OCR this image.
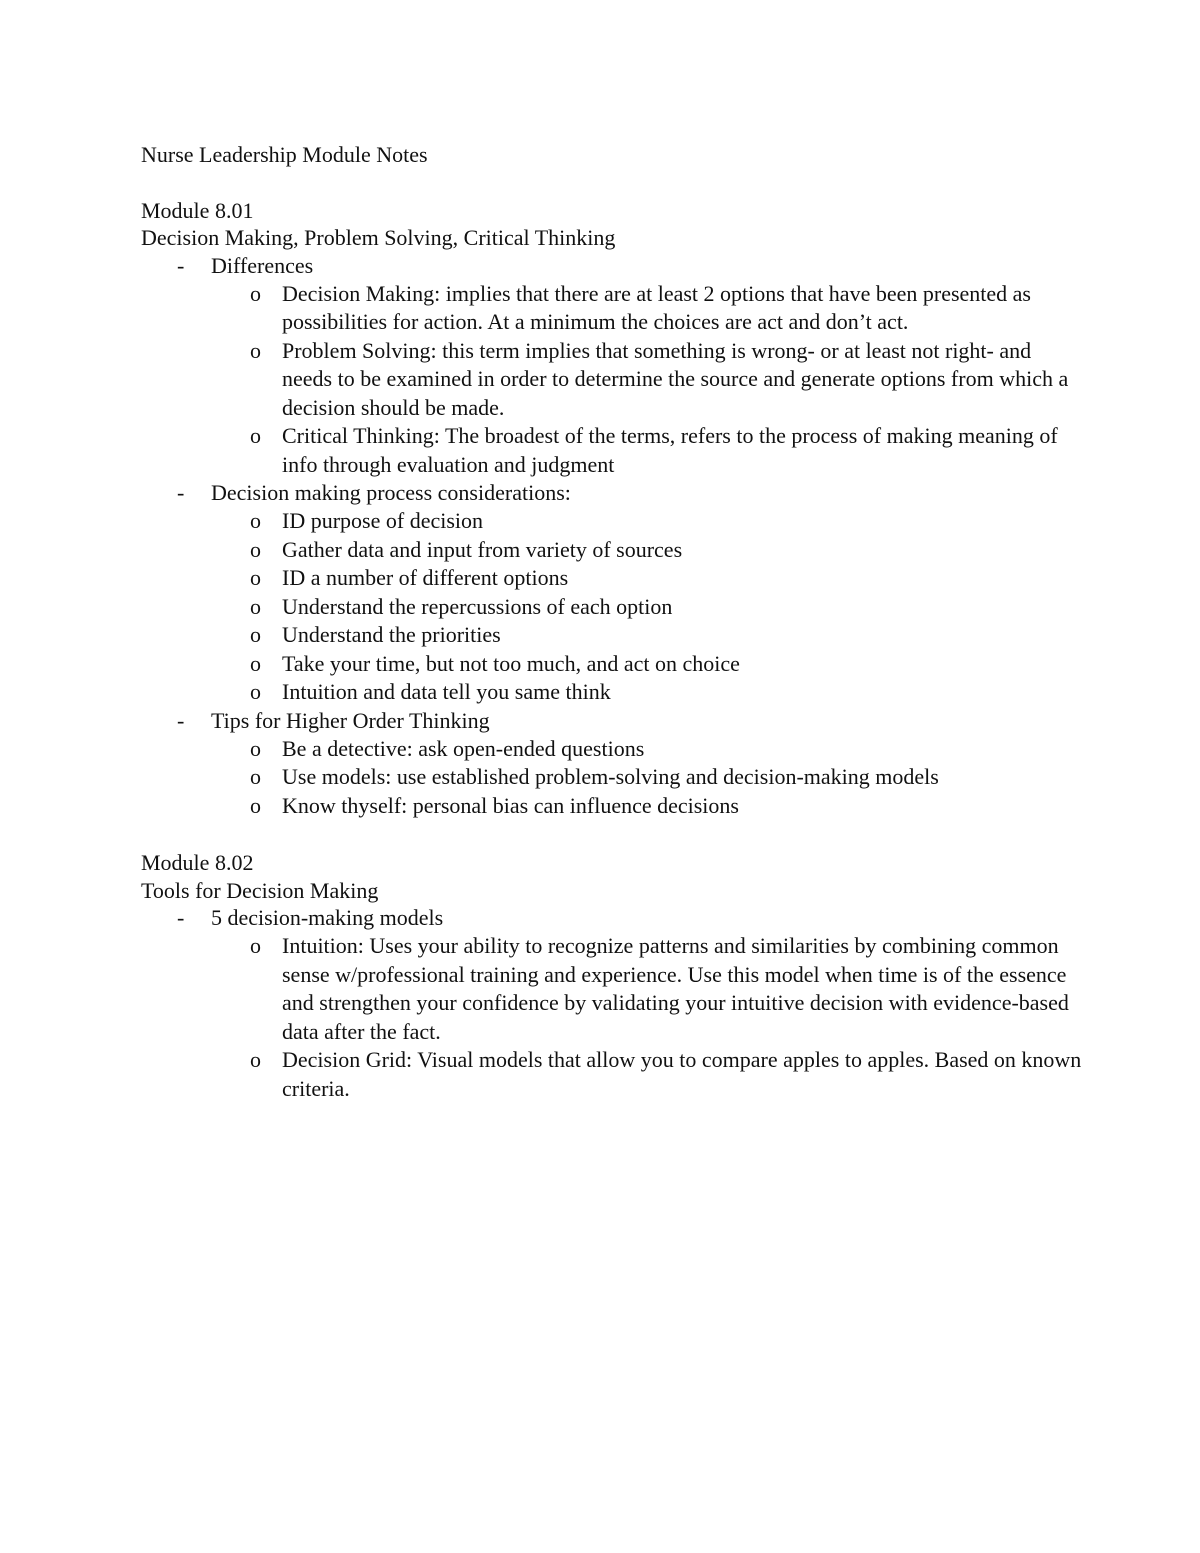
Nurse Leadership Module Notes
Module 8.01
Decision Making, Problem Solving, Critical Thinking
- Differences
o Decision Making: implies that there are at least 2 options that have been presented as possibilities for action. At a minimum the choices are act and don’t act.
o Problem Solving: this term implies that something is wrong- or at least not right- and needs to be examined in order to determine the source and generate options from which a decision should be made.
o Critical Thinking: The broadest of the terms, refers to the process of making meaning of info through evaluation and judgment
- Decision making process considerations:
o ID purpose of decision
o Gather data and input from variety of sources
o ID a number of different options
o Understand the repercussions of each option
o Understand the priorities
o Take your time, but not too much, and act on choice
o Intuition and data tell you same think
- Tips for Higher Order Thinking
o Be a detective: ask open-ended questions
o Use models: use established problem-solving and decision-making models
o Know thyself: personal bias can influence decisions
Module 8.02
Tools for Decision Making
- 5 decision-making models
o Intuition: Uses your ability to recognize patterns and similarities by combining common sense w/professional training and experience. Use this model when time is of the essence and strengthen your confidence by validating your intuitive decision with evidence-based data after the fact.
o Decision Grid: Visual models that allow you to compare apples to apples. Based on known criteria.
